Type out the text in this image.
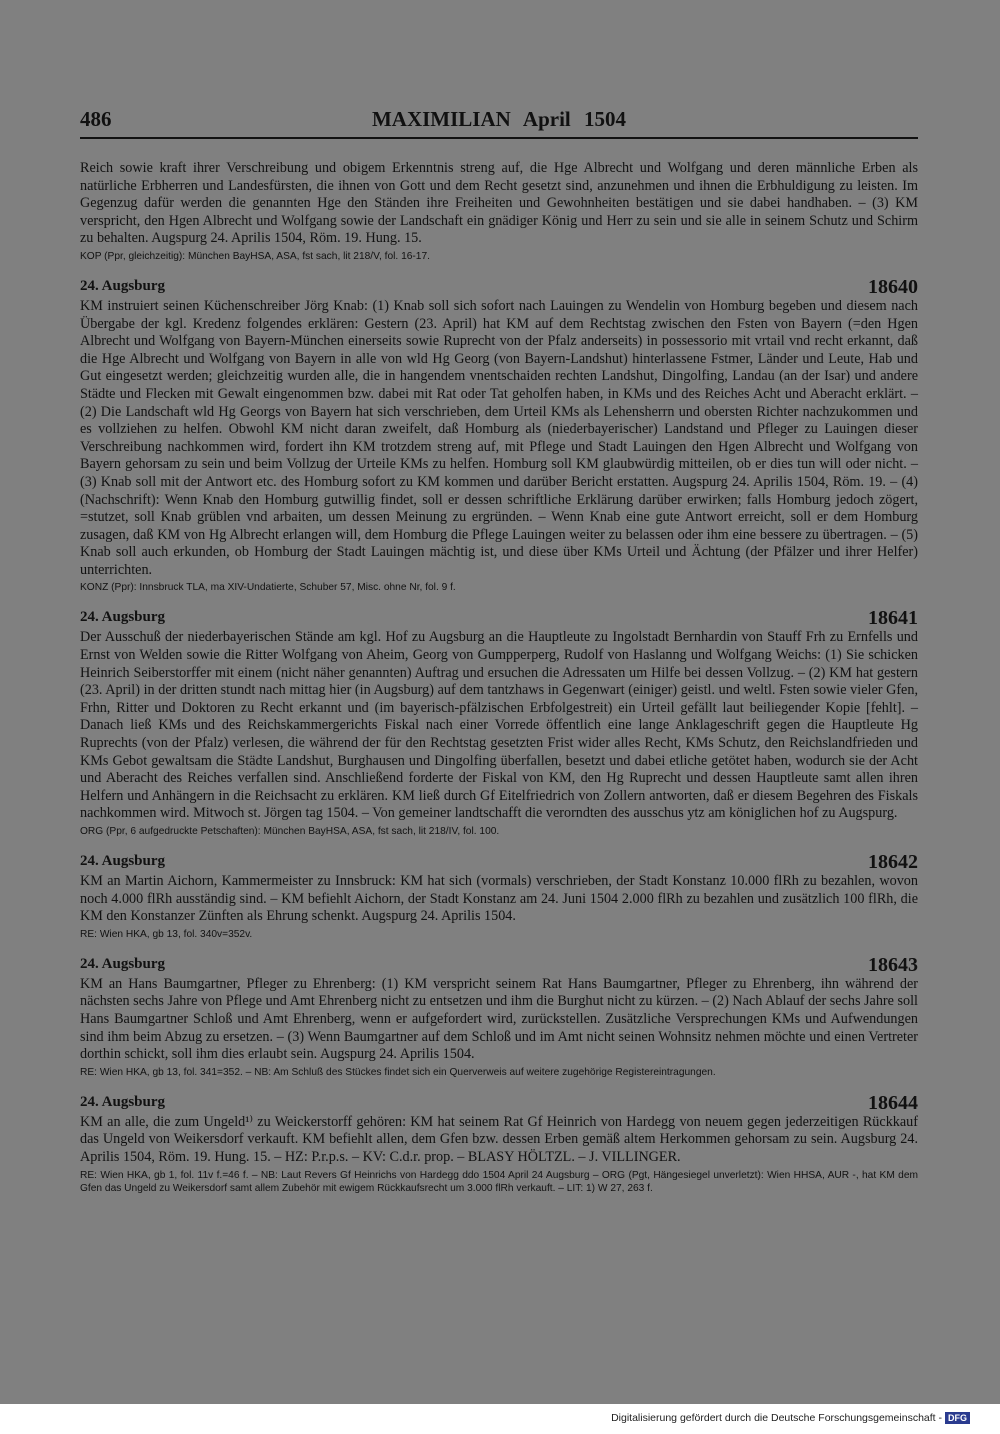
486	MAXIMILIAN April 1504

Reich sowie kraft ihrer Verschreibung und obigem Erkenntnis streng auf, die Hge Albrecht und Wolfgang und deren männliche Erben als natürliche Erbherren und Landesfürsten, die ihnen von Gott und dem Recht gesetzt sind, anzunehmen und ihnen die Erbhuldigung zu leisten. Im Gegenzug dafür werden die genannten Hge den Ständen ihre Freiheiten und Gewohnheiten bestätigen und sie dabei handhaben. – (3) KM verspricht, den Hgen Albrecht und Wolfgang sowie der Landschaft ein gnädiger König und Herr zu sein und sie alle in seinem Schutz und Schirm zu behalten. Augspurg 24. Aprilis 1504, Röm. 19. Hung. 15.

KOP (Ppr, gleichzeitig): München BayHSA, ASA, fst sach, lit 218/V, fol. 16-17.

24. Augsburg	18640

KM instruiert seinen Küchenschreiber Jörg Knab: (1) Knab soll sich sofort nach Lauingen zu Wendelin von Homburg begeben und diesem nach Übergabe der kgl. Kredenz folgendes erklären: Gestern (23. April) hat KM auf dem Rechtstag zwischen den Fsten von Bayern (=den Hgen Albrecht und Wolfgang von Bayern-München einerseits sowie Ruprecht von der Pfalz anderseits) in possessorio mit vrtail vnd recht erkannt, daß die Hge Albrecht und Wolfgang von Bayern in alle von wld Hg Georg (von Bayern-Landshut) hinterlassene Fstmer, Länder und Leute, Hab und Gut eingesetzt werden; gleichzeitig wurden alle, die in hangendem vnentschaiden rechten Landshut, Dingolfing, Landau (an der Isar) und andere Städte und Flecken mit Gewalt eingenommen bzw. dabei mit Rat oder Tat geholfen haben, in KMs und des Reiches Acht und Aberacht erklärt. – (2) Die Landschaft wld Hg Georgs von Bayern hat sich verschrieben, dem Urteil KMs als Lehensherrn und obersten Richter nachzukommen und es vollziehen zu helfen. Obwohl KM nicht daran zweifelt, daß Homburg als (niederbayerischer) Landstand und Pfleger zu Lauingen dieser Verschreibung nachkommen wird, fordert ihn KM trotzdem streng auf, mit Pflege und Stadt Lauingen den Hgen Albrecht und Wolfgang von Bayern gehorsam zu sein und beim Vollzug der Urteile KMs zu helfen. Homburg soll KM glaubwürdig mitteilen, ob er dies tun will oder nicht. – (3) Knab soll mit der Antwort etc. des Homburg sofort zu KM kommen und darüber Bericht erstatten. Augspurg 24. Aprilis 1504, Röm. 19. – (4) (Nachschrift): Wenn Knab den Homburg gutwillig findet, soll er dessen schriftliche Erklärung darüber erwirken; falls Homburg jedoch zögert, =stutzet, soll Knab grüblen vnd arbaiten, um dessen Meinung zu ergründen. – Wenn Knab eine gute Antwort erreicht, soll er dem Homburg zusagen, daß KM von Hg Albrecht erlangen will, dem Homburg die Pflege Lauingen weiter zu belassen oder ihm eine bessere zu übertragen. – (5) Knab soll auch erkunden, ob Homburg der Stadt Lauingen mächtig ist, und diese über KMs Urteil und Ächtung (der Pfälzer und ihrer Helfer) unterrichten.

KONZ (Ppr): Innsbruck TLA, ma XIV-Undatierte, Schuber 57, Misc. ohne Nr, fol. 9 f.

24. Augsburg	18641

Der Ausschuß der niederbayerischen Stände am kgl. Hof zu Augsburg an die Hauptleute zu Ingolstadt Bernhardin von Stauff Frh zu Ernfells und Ernst von Welden sowie die Ritter Wolfgang von Aheim, Georg von Gumpperperg, Rudolf von Haslanng und Wolfgang Weichs: (1) Sie schicken Heinrich Seiberstorffer mit einem (nicht näher genannten) Auftrag und ersuchen die Adressaten um Hilfe bei dessen Vollzug. – (2) KM hat gestern (23. April) in der dritten stundt nach mittag hier (in Augsburg) auf dem tantzhaws in Gegenwart (einiger) geistl. und weltl. Fsten sowie vieler Gfen, Frhn, Ritter und Doktoren zu Recht erkannt und (im bayerisch-pfälzischen Erbfolgestreit) ein Urteil gefällt laut beiliegender Kopie [fehlt]. – Danach ließ KMs und des Reichskammergerichts Fiskal nach einer Vorrede öffentlich eine lange Anklageschrift gegen die Hauptleute Hg Ruprechts (von der Pfalz) verlesen, die während der für den Rechtstag gesetzten Frist wider alles Recht, KMs Schutz, den Reichslandfrieden und KMs Gebot gewaltsam die Städte Landshut, Burghausen und Dingolfing überfallen, besetzt und dabei etliche getötet haben, wodurch sie der Acht und Aberacht des Reiches verfallen sind. Anschließend forderte der Fiskal von KM, den Hg Ruprecht und dessen Hauptleute samt allen ihren Helfern und Anhängern in die Reichsacht zu erklären. KM ließ durch Gf Eitelfriedrich von Zollern antworten, daß er diesem Begehren des Fiskals nachkommen wird. Mitwoch st. Jörgen tag 1504. – Von gemeiner landtschafft die verorndten des ausschus ytz am königlichen hof zu Augspurg.

ORG (Ppr, 6 aufgedruckte Petschaften): München BayHSA, ASA, fst sach, lit 218/IV, fol. 100.

24. Augsburg	18642

KM an Martin Aichorn, Kammermeister zu Innsbruck: KM hat sich (vormals) verschrieben, der Stadt Konstanz 10.000 flRh zu bezahlen, wovon noch 4.000 flRh ausständig sind. – KM befiehlt Aichorn, der Stadt Konstanz am 24. Juni 1504 2.000 flRh zu bezahlen und zusätzlich 100 flRh, die KM den Konstanzer Zünften als Ehrung schenkt. Augspurg 24. Aprilis 1504.

RE: Wien HKA, gb 13, fol. 340v=352v.

24. Augsburg	18643

KM an Hans Baumgartner, Pfleger zu Ehrenberg: (1) KM verspricht seinem Rat Hans Baumgartner, Pfleger zu Ehrenberg, ihn während der nächsten sechs Jahre von Pflege und Amt Ehrenberg nicht zu entsetzen und ihm die Burghut nicht zu kürzen. – (2) Nach Ablauf der sechs Jahre soll Hans Baumgartner Schloß und Amt Ehrenberg, wenn er aufgefordert wird, zurückstellen. Zusätzliche Versprechungen KMs und Aufwendungen sind ihm beim Abzug zu ersetzen. – (3) Wenn Baumgartner auf dem Schloß und im Amt nicht seinen Wohnsitz nehmen möchte und einen Vertreter dorthin schickt, soll ihm dies erlaubt sein. Augspurg 24. Aprilis 1504.

RE: Wien HKA, gb 13, fol. 341=352. – NB: Am Schluß des Stückes findet sich ein Querverweis auf weitere zugehörige Registereintragungen.

24. Augsburg	18644

KM an alle, die zum Ungeld¹⁾ zu Weickerstorff gehören: KM hat seinem Rat Gf Heinrich von Hardegg von neuem gegen jederzeitigen Rückkauf das Ungeld von Weikersdorf verkauft. KM befiehlt allen, dem Gfen bzw. dessen Erben gemäß altem Herkommen gehorsam zu sein. Augsburg 24. Aprilis 1504, Röm. 19. Hung. 15. – HZ: P.r.p.s. – KV: C.d.r. prop. – BLASY HÖLTZL. – J. VILLINGER.

RE: Wien HKA, gb 1, fol. 11v f.=46 f. – NB: Laut Revers Gf Heinrichs von Hardegg ddo 1504 April 24 Augsburg – ORG (Pgt, Hängesiegel unverletzt): Wien HHSA, AUR -, hat KM dem Gfen das Ungeld zu Weikersdorf samt allem Zubehör mit ewigem Rückkaufsrecht um 3.000 flRh verkauft. – LIT: 1) W 27, 263 f.

Digitalisierung gefördert durch die Deutsche Forschungsgemeinschaft - DFG
